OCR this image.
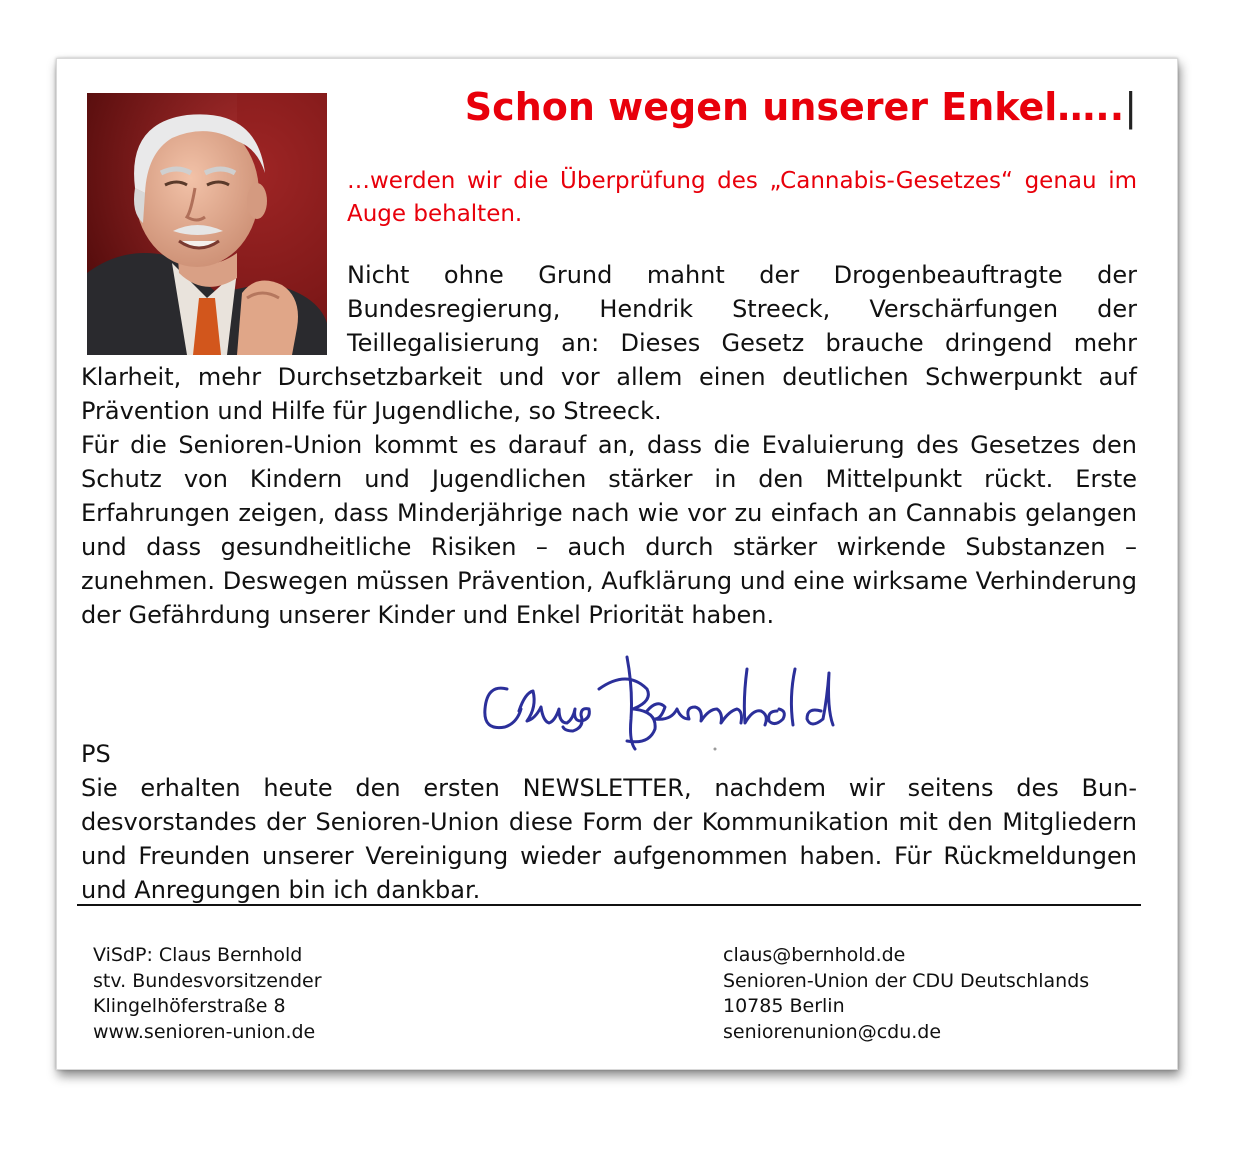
Schon wegen unserer Enkel…..|

…werden wir die Überprüfung des „Cannabis-Gesetzes“ genau im Auge behalten.

Nicht ohne Grund mahnt der Drogenbeauftragte der Bundesregierung, Hendrik Streeck, Verschärfungen der Teillegalisierung an: Dieses Gesetz brauche dringend mehr Klarheit, mehr Durchsetzbarkeit und vor allem einen deutlichen Schwerpunkt auf Prävention und Hilfe für Jugendliche, so Streeck.

Für die Senioren-Union kommt es darauf an, dass die Evaluierung des Gesetzes den Schutz von Kindern und Jugendlichen stärker in den Mittelpunkt rückt. Erste Erfahrungen zeigen, dass Minderjährige nach wie vor zu einfach an Cannabis gelangen und dass gesundheitliche Risiken – auch durch stärker wirkende Substanzen – zunehmen. Deswegen müssen Prävention, Aufklärung und eine wirksame Verhinderung der Gefährdung unserer Kinder und Enkel Priorität haben.

PS
Sie erhalten heute den ersten NEWSLETTER, nachdem wir seitens des Bundesvorstandes der Senioren-Union diese Form der Kommunikation mit den Mitgliedern und Freunden unserer Vereinigung wieder aufgenommen haben. Für Rückmeldungen und Anregungen bin ich dankbar.
ViSdP: Claus Bernhold
stv. Bundesvorsitzender
Klingelhöferstraße 8
www.senioren-union.de
claus@bernhold.de
Senioren-Union der CDU Deutschlands
10785 Berlin
seniorenunion@cdu.de
